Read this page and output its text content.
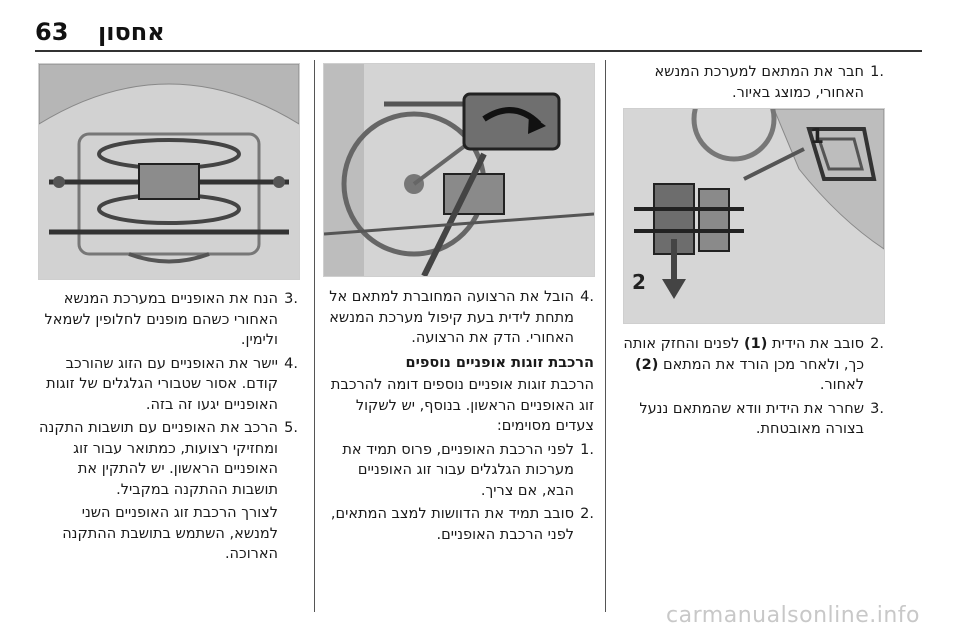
63 אחסון
.1
חבר את המתאם למערכת המנשא האחורי, כמוצג באיור.
1
2
.2
סובב את הידית (1) לפנים והחזק אותה כך, ולאחר מכן הורד את המתאם (2) לאחור.
.3
שחרר את הידית וודא שהמתאם ננעל בצורה מאובטחת.
.4
הובל את הרצועה המחוברת למתאם אל מתחת לידית בעת קיפול מערכת המנשא האחורי. הדק את הרצועה.
הרכבת זוגות אופניים נוספים
הרכבת זוגות אופניים נוספים דומה להרכבת זוג האופניים הראשון. בנוסף, יש לשקול צעדים מסוימים:
.1
לפני הרכבת האופניים, פרוס תמיד את מערכות הגלגלים עבור זוג האופניים הבא, אם צריך.
.2
סובב תמיד את הדוושות למצב המתאים, לפני הרכבת האופניים.
.3
הנח את האופניים במערכת המנשא האחורי כשהם מופנים לחלופין לשמאל ולימין.
.4
יישר את האופניים עם הזוג שהורכב קודם. אסור שטבורי הגלגלים של זוגות האופניים יגעו זה בזה.
.5
הרכב את האופניים עם תושבות התקנה ומחזיקי רצועות, כמתואר עבור זוג האופניים הראשון. יש להתקין את תושבות ההתקנה במקביל.
לצורך הרכבת זוג האופניים השני למנשא, השתמש בתושבת ההתקנה הארוכה.
carmanualsonline.info
